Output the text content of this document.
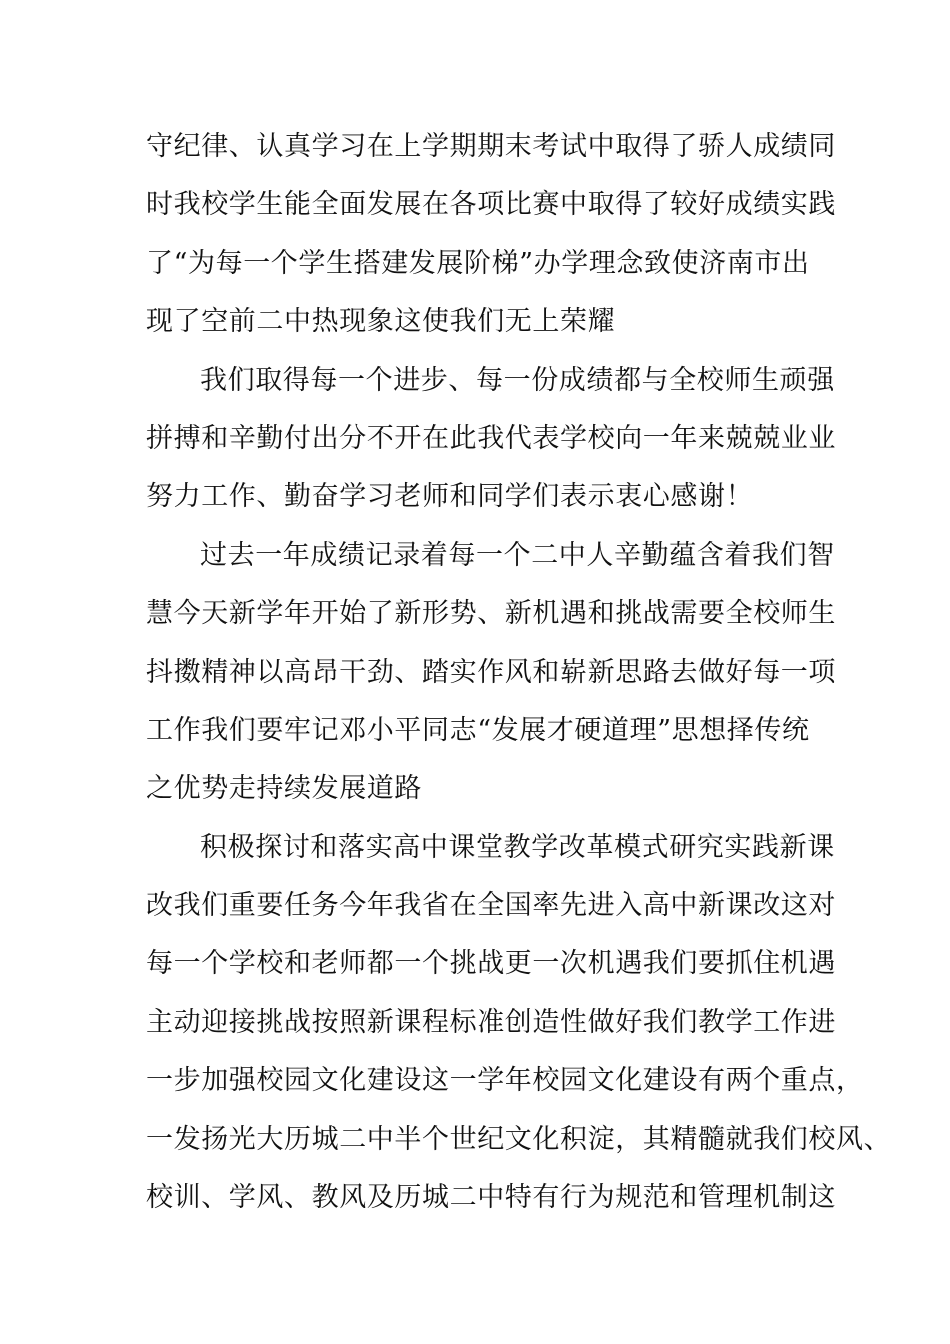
守纪律、认真学习在上学期期末考试中取得了骄人成绩同
时我校学生能全面发展在各项比赛中取得了较好成绩实践
了“为每一个学生搭建发展阶梯”办学理念致使济南市出
现了空前二中热现象这使我们无上荣耀
我们取得每一个进步、每一份成绩都与全校师生顽强
拼搏和辛勤付出分不开在此我代表学校向一年来兢兢业业
努力工作、勤奋学习老师和同学们表示衷心感谢！
过去一年成绩记录着每一个二中人辛勤蕴含着我们智
慧今天新学年开始了新形势、新机遇和挑战需要全校师生
抖擞精神以高昂干劲、踏实作风和崭新思路去做好每一项
工作我们要牢记邓小平同志“发展才硬道理”思想择传统
之优势走持续发展道路
积极探讨和落实高中课堂教学改革模式研究实践新课
改我们重要任务今年我省在全国率先进入高中新课改这对
每一个学校和老师都一个挑战更一次机遇我们要抓住机遇
主动迎接挑战按照新课程标准创造性做好我们教学工作进
一步加强校园文化建设这一学年校园文化建设有两个重点，
一发扬光大历城二中半个世纪文化积淀，其精髓就我们校风、
校训、学风、教风及历城二中特有行为规范和管理机制这
